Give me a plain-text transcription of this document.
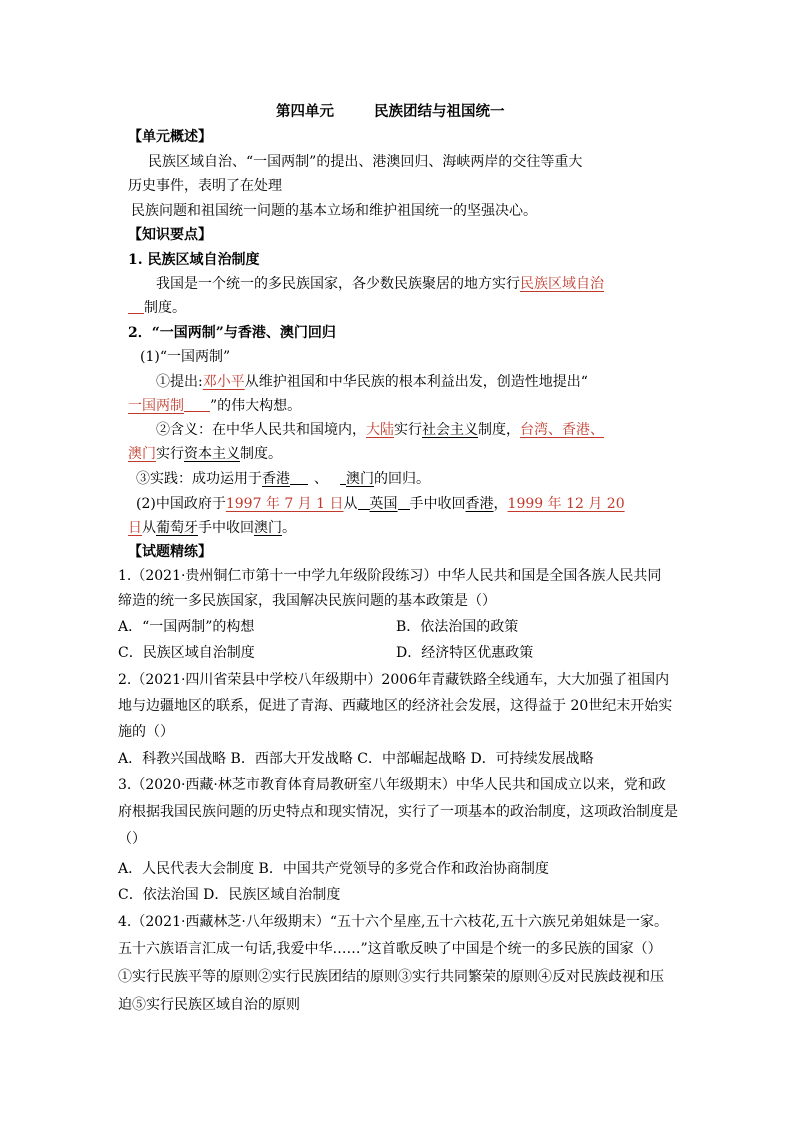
第四单元	民族团结与祖国统一
【单元概述】
民族区域自治、“一国两制”的提出、港澳回归、海峡两岸的交往等重大
历史事件，表明了在处理
民族问题和祖国统一问题的基本立场和维护祖国统一的坚强决心。
【知识要点】
1. 民族区域自治制度
我国是一个统一的多民族国家，各少数民族聚居的地方实行民族区域自治
制度。
2．“一国两制”与香港、澳门回归
(1)“一国两制”
①提出:邓小平从维护祖国和中华民族的根本利益出发，创造性地提出“
一国两制 ”的伟大构想。
②含义：在中华人民共和国境内，大陆实行社会主义制度，台湾、香港、
澳门实行资本主义制度。
③实践：成功运用于香港 、 澳门的回归。
(2)中国政府于1997 年 7 月 1 日从 英国 手中收回香港，1999 年 12 月 20
日从葡萄牙手中收回澳门。
【试题精练】
1.（2021·贵州铜仁市第十一中学九年级阶段练习）中华人民共和国是全国各族人民共同
缔造的统一多民族国家，我国解决民族问题的基本政策是（）
A．“一国两制”的构想	B．依法治国的政策
C．民族区域自治制度	D．经济特区优惠政策
2.（2021·四川省荣县中学校八年级期中）2006年青藏铁路全线通车，大大加强了祖国内
地与边疆地区的联系，促进了青海、西藏地区的经济社会发展，这得益于 20世纪末开始实
施的（）
A．科教兴国战略 B．西部大开发战略 C．中部崛起战略 D．可持续发展战略
3.（2020·西藏·林芝市教育体育局教研室八年级期末）中华人民共和国成立以来，党和政
府根据我国民族问题的历史特点和现实情况，实行了一项基本的政治制度，这项政治制度是
（）
A．人民代表大会制度 B．中国共产党领导的多党合作和政治协商制度
C．依法治国 D．民族区域自治制度
4.（2021·西藏林芝·八年级期末）“五十六个星座,五十六枝花,五十六族兄弟姐妹是一家。
五十六族语言汇成一句话,我爱中华……”这首歌反映了中国是个统一的多民族的国家（）
①实行民族平等的原则②实行民族团结的原则③实行共同繁荣的原则④反对民族歧视和压
迫⑤实行民族区域自治的原则
